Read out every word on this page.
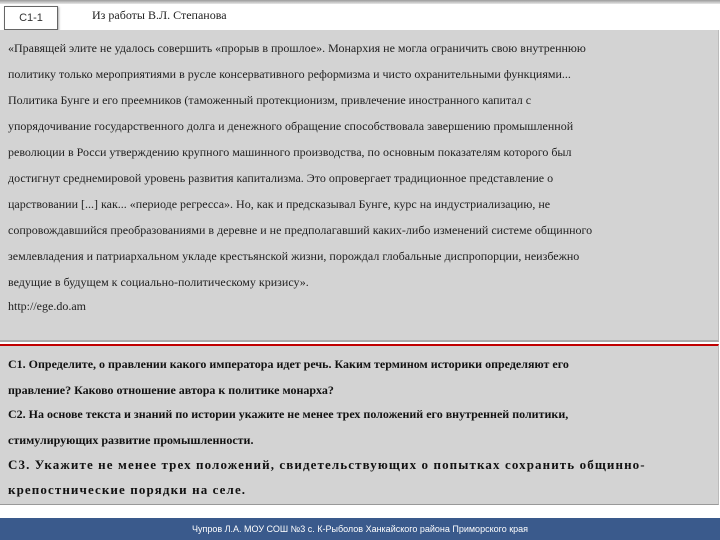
C1-1	Из работы В.Л. Степанова
«Правящей элите не удалось совершить «прорыв в прошлое». Монархия не могла ограничить свою внутреннюю
политику только мероприятиями в русле консервативного реформизма и чисто охранительными функциями...
Политика Бунге и его преемников (таможенный протекционизм, привлечение иностранного капитал с
упорядочивание государственного долга и денежного обращение способствовала завершению промышленной
революции в Росси утверждению крупного машинного производства, по основным показателям которого был
достигнут среднемировой уровень развития капитализма. Это опровергает традиционное представление о
царствовании [...] как... «периоде регресса». Но, как и предсказывал Бунге, курс на индустриализацию, не
сопровождавшийся преобразованиями в деревне и не предполагавший каких-либо изменений системе общинного
землевладения и патриархальном укладе крестьянской жизни, порождал глобальные диспропорции, неизбежно
ведущие в будущем к социально-политическому кризису».
http://ege.do.am
С1. Определите, о правлении какого императора идет речь. Каким термином историки определяют его
правление? Каково отношение автора к политике монарха?
С2. На основе текста и знаний по истории укажите не менее трех положений его внутренней политики,
стимулирующих развитие промышленности.
С3. Укажите не менее трех положений, свидетельствующих о попытках сохранить общинно-
крепостнические порядки на селе.
Чупров Л.А. МОУ СОШ №3 с. К-Рыболов Ханкайского района Приморского края
